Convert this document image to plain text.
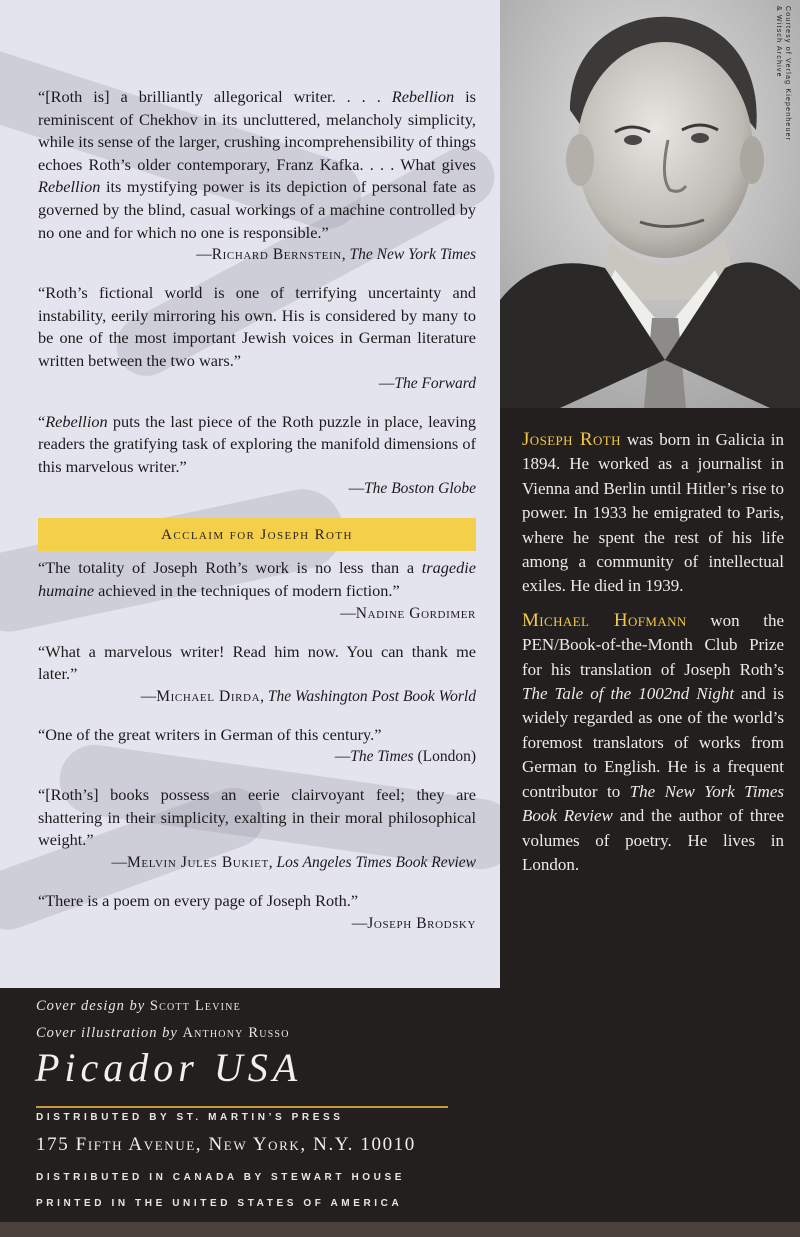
“[Roth is] a brilliantly allegorical writer. . . . Rebellion is reminiscent of Chekhov in its uncluttered, melancholy simplicity, while its sense of the larger, crushing incomprehensibility of things echoes Roth’s older contemporary, Franz Kafka. . . . What gives Rebellion its mystifying power is its depiction of personal fate as governed by the blind, casual workings of a machine controlled by no one and for which no one is responsible.”

—Richard Bernstein, The New York Times

“Roth’s fictional world is one of terrifying uncertainty and instability, eerily mirroring his own. His is considered by many to be one of the most important Jewish voices in German literature written between the two wars.”

—The Forward

“Rebellion puts the last piece of the Roth puzzle in place, leaving readers the gratifying task of exploring the manifold dimensions of this marvelous writer.”

—The Boston Globe

Acclaim for Joseph Roth

“The totality of Joseph Roth’s work is no less than a tragedie humaine achieved in the techniques of modern fiction.”

—Nadine Gordimer

“What a marvelous writer! Read him now. You can thank me later.”

—Michael Dirda, The Washington Post Book World

“One of the great writers in German of this century.”

—The Times (London)

“[Roth’s] books possess an eerie clairvoyant feel; they are shattering in their simplicity, exalting in their moral philosophical weight.”

—Melvin Jules Bukiet, Los Angeles Times Book Review

“There is a poem on every page of Joseph Roth.”

—Joseph Brodsky

Courtesy of Verlag Kiepenheuer
& Witsch Archive

Joseph Roth was born in Galicia in 1894. He worked as a journalist in Vienna and Berlin until Hitler’s rise to power. In 1933 he emigrated to Paris, where he spent the rest of his life among a community of intellectual exiles. He died in 1939.

Michael Hofmann won the PEN/Book-of-the-Month Club Prize for his translation of Joseph Roth’s The Tale of the 1002nd Night and is widely regarded as one of the world’s foremost translators of works from German to English. He is a frequent contributor to The New York Times Book Review and the author of three volumes of poetry. He lives in London.

Cover design by Scott Levine
Cover illustration by Anthony Russo
Picador USA
DISTRIBUTED BY ST. MARTIN’S PRESS
175 Fifth Avenue, New York, N.Y. 10010
DISTRIBUTED IN CANADA BY STEWART HOUSE
PRINTED IN THE UNITED STATES OF AMERICA
